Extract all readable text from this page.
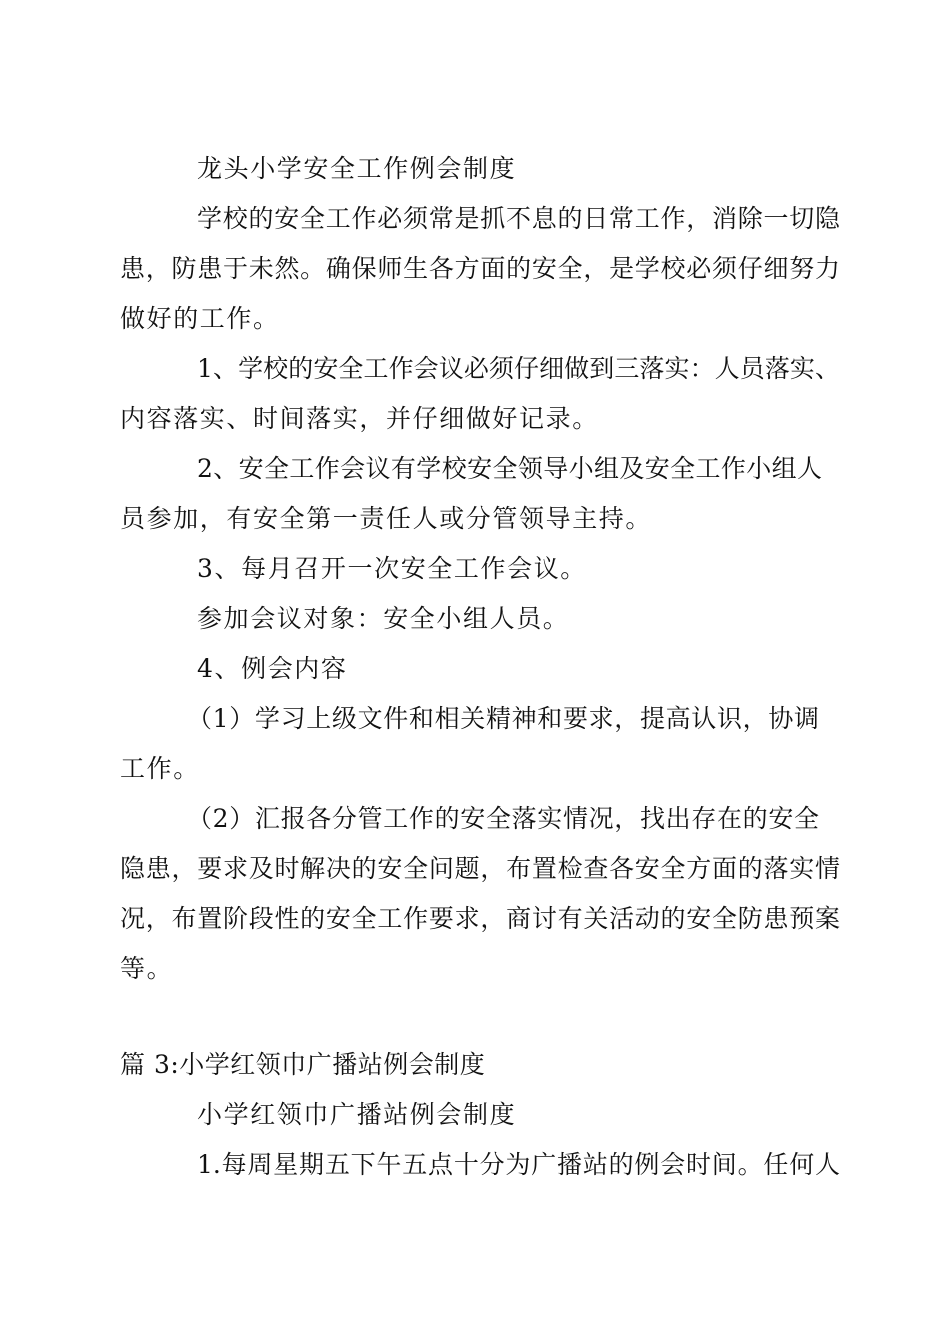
龙头小学安全工作例会制度
学校的安全工作必须常是抓不息的日常工作，消除一切隐
患，防患于未然。确保师生各方面的安全，是学校必须仔细努力
做好的工作。
1、学校的安全工作会议必须仔细做到三落实：人员落实、
内容落实、时间落实，并仔细做好记录。
2、安全工作会议有学校安全领导小组及安全工作小组人
员参加，有安全第一责任人或分管领导主持。
3、每月召开一次安全工作会议。
参加会议对象：安全小组人员。
4、例会内容
（1）学习上级文件和相关精神和要求，提高认识，协调
工作。
（2）汇报各分管工作的安全落实情况，找出存在的安全
隐患，要求及时解决的安全问题，布置检查各安全方面的落实情
况，布置阶段性的安全工作要求，商讨有关活动的安全防患预案
等。
篇 3:小学红领巾广播站例会制度
小学红领巾广播站例会制度
1.每周星期五下午五点十分为广播站的例会时间。任何人
